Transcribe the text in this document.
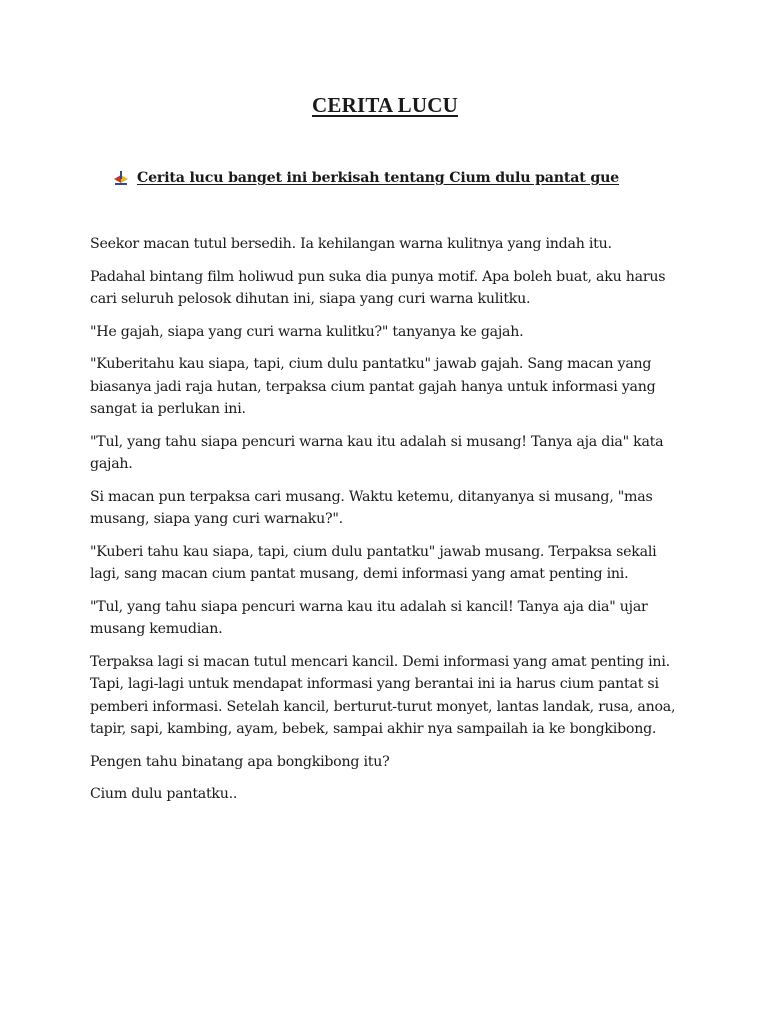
CERITA LUCU
Cerita lucu banget ini berkisah tentang Cium dulu pantat gue

Seekor macan tutul bersedih. Ia kehilangan warna kulitnya yang indah itu.

Padahal bintang film holiwud pun suka dia punya motif. Apa boleh buat, aku harus cari seluruh pelosok dihutan ini, siapa yang curi warna kulitku.

"He gajah, siapa yang curi warna kulitku?" tanyanya ke gajah.

"Kuberitahu kau siapa, tapi, cium dulu pantatku" jawab gajah. Sang macan yang biasanya jadi raja hutan, terpaksa cium pantat gajah hanya untuk informasi yang sangat ia perlukan ini.

"Tul, yang tahu siapa pencuri warna kau itu adalah si musang! Tanya aja dia" kata gajah.

Si macan pun terpaksa cari musang. Waktu ketemu, ditanyanya si musang, "mas musang, siapa yang curi warnaku?".

"Kuberi tahu kau siapa, tapi, cium dulu pantatku" jawab musang. Terpaksa sekali lagi, sang macan cium pantat musang, demi informasi yang amat penting ini.

"Tul, yang tahu siapa pencuri warna kau itu adalah si kancil! Tanya aja dia" ujar musang kemudian.

Terpaksa lagi si macan tutul mencari kancil. Demi informasi yang amat penting ini. Tapi, lagi-lagi untuk mendapat informasi yang berantai ini ia harus cium pantat si pemberi informasi. Setelah kancil, berturut-turut monyet, lantas landak, rusa, anoa, tapir, sapi, kambing, ayam, bebek, sampai akhir nya sampailah ia ke bongkibong.

Pengen tahu binatang apa bongkibong itu?

Cium dulu pantatku..
